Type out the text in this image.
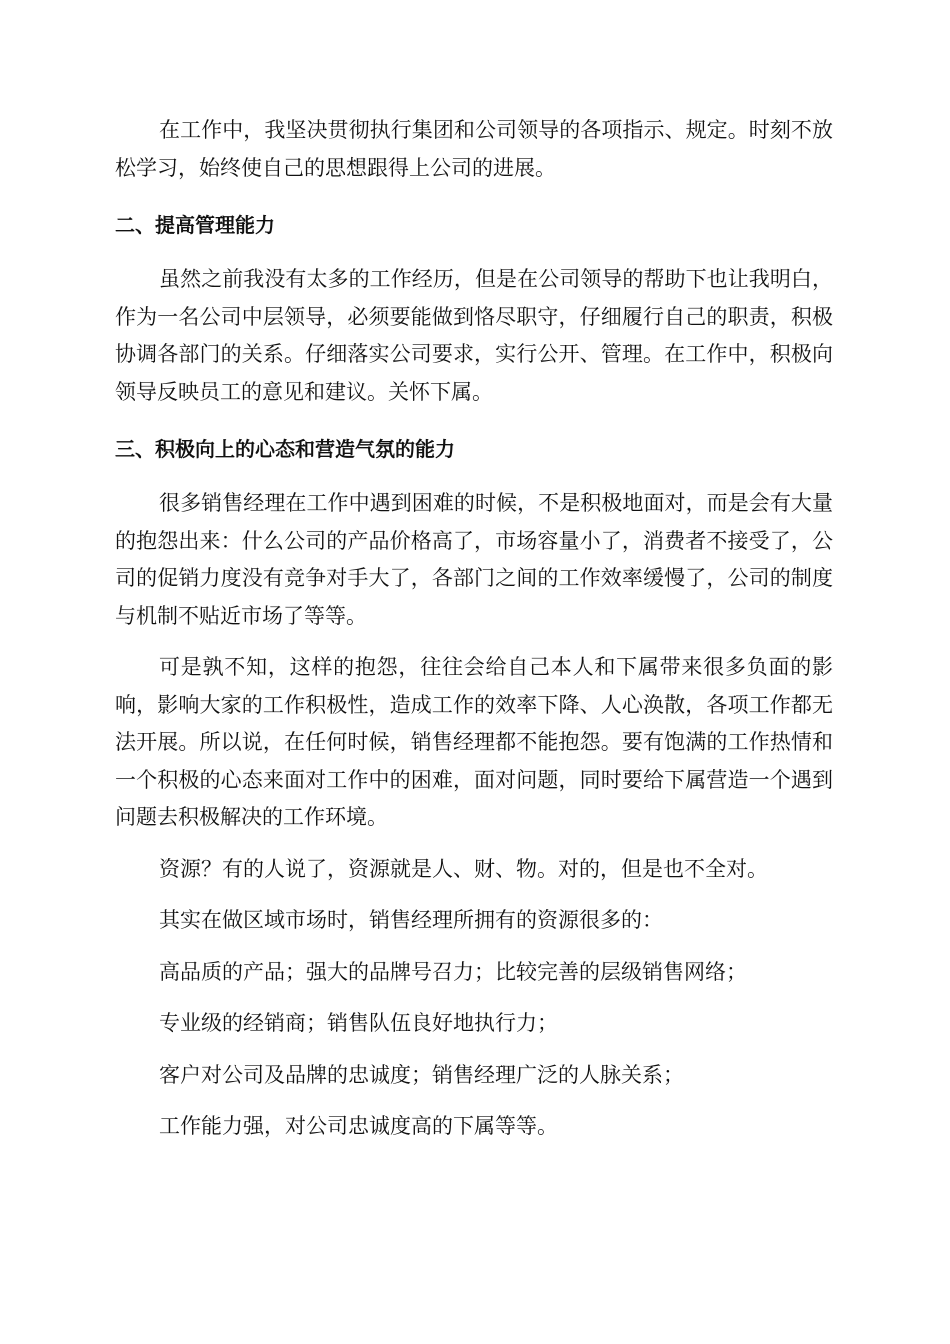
在工作中，我坚决贯彻执行集团和公司领导的各项指示、规定。时刻不放松学习，始终使自己的思想跟得上公司的进展。

二、提高管理能力

虽然之前我没有太多的工作经历，但是在公司领导的帮助下也让我明白，作为一名公司中层领导，必须要能做到恪尽职守，仔细履行自己的职责，积极协调各部门的关系。仔细落实公司要求，实行公开、管理。在工作中，积极向领导反映员工的意见和建议。关怀下属。

三、积极向上的心态和营造气氛的能力

很多销售经理在工作中遇到困难的时候，不是积极地面对，而是会有大量的抱怨出来：什么公司的产品价格高了，市场容量小了，消费者不接受了，公司的促销力度没有竞争对手大了，各部门之间的工作效率缓慢了，公司的制度与机制不贴近市场了等等。

可是孰不知，这样的抱怨，往往会给自己本人和下属带来很多负面的影响，影响大家的工作积极性，造成工作的效率下降、人心涣散，各项工作都无法开展。所以说，在任何时候，销售经理都不能抱怨。要有饱满的工作热情和一个积极的心态来面对工作中的困难，面对问题，同时要给下属营造一个遇到问题去积极解决的工作环境。

资源？有的人说了，资源就是人、财、物。对的，但是也不全对。

其实在做区域市场时，销售经理所拥有的资源很多的：

高品质的产品；强大的品牌号召力；比较完善的层级销售网络；

专业级的经销商；销售队伍良好地执行力；

客户对公司及品牌的忠诚度；销售经理广泛的人脉关系；

工作能力强，对公司忠诚度高的下属等等。
